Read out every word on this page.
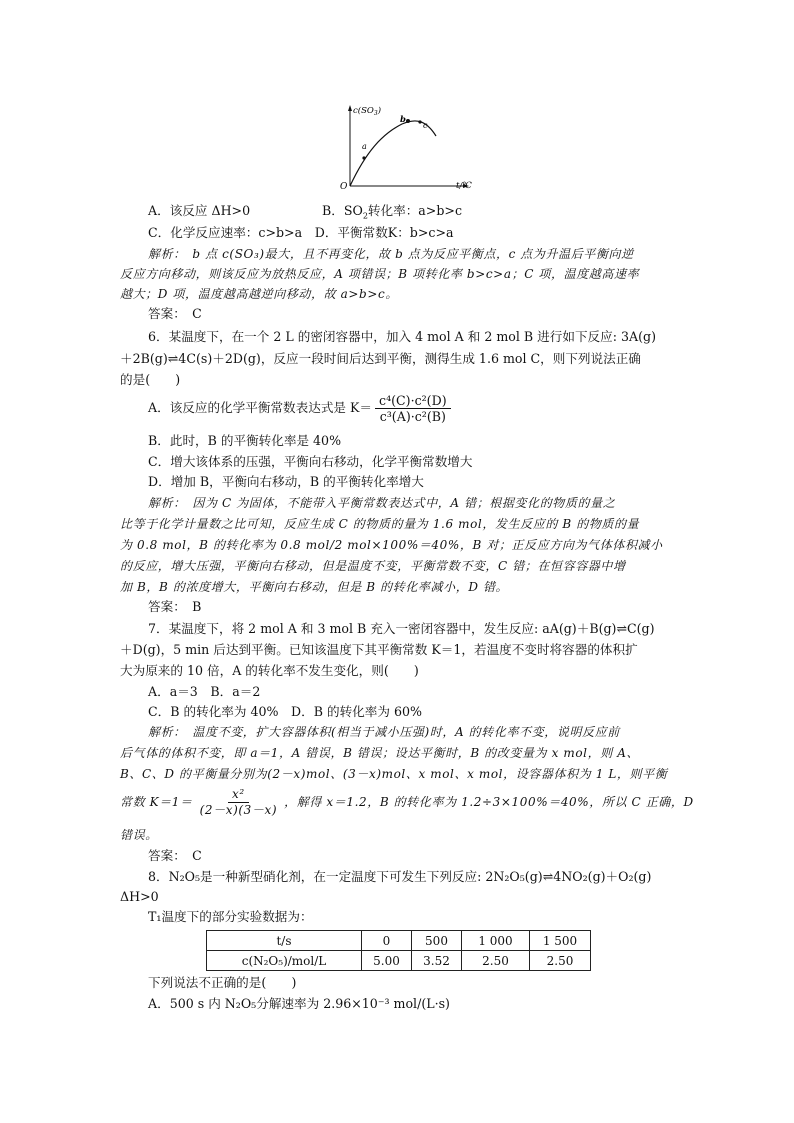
$c(SO_3)$
O	t/℃
a
b
c
A．该反应 ΔH>0	B．$SO_2$转化率：a>b>c
C．化学反应速率：c>b>a　 D．平衡常数K：b>c>a
解析：　b 点 c(SO₃)最大，且不再变化，故 b 点为反应平衡点，c 点为升温后平衡向逆
反应方向移动，则该反应为放热反应，A 项错误；B 项转化率 b>c>a；C 项，温度越高速率
越大；D 项，温度越高越逆向移动，故 a>b>c。
答案：　C
6．某温度下，在一个 2 L 的密闭容器中，加入 4 mol A 和 2 mol B 进行如下反应: 3A(g)
＋2B(g)⇌4C(s)＋2D(g)，反应一段时间后达到平衡，测得生成 1.6 mol C，则下列说法正确
的是(　　)
A．该反应的化学平衡常数表达式是 $K= \frac{\text{c⁴(C)·c²(D)}}{\text{c³(A)·c²(B)}}$
B．此时，B 的平衡转化率是 40%
C．增大该体系的压强，平衡向右移动，化学平衡常数增大
D．增加 B，平衡向右移动，B 的平衡转化率增大
解析：　因为 C 为固体，不能带入平衡常数表达式中，A 错；根据变化的物质的量之
比等于化学计量数之比可知，反应生成 C 的物质的量为 1.6 mol，发生反应的 B 的物质的量
为 0.8 mol，B 的转化率为 0.8 mol/2 mol×100%＝40%，B 对；正反应方向为气体体积减小
的反应，增大压强，平衡向右移动，但是温度不变，平衡常数不变，C 错；在恒容容器中增
加 B，B 的浓度增大，平衡向右移动，但是 B 的转化率减小，D 错。
答案：　B
7．某温度下，将 2 mol A 和 3 mol B 充入一密闭容器中，发生反应: aA(g)＋B(g)⇌C(g)
＋D(g)，5 min 后达到平衡。已知该温度下其平衡常数 K＝1，若温度不变时将容器的体积扩
大为原来的 10 倍，A 的转化率不发生变化，则(　　)
A．a＝3　B．a＝2
C．B 的转化率为 40%　D．B 的转化率为 60%
解析：　温度不变，扩大容器体积(相当于减小压强)时，A 的转化率不变，说明反应前
后气体的体积不变，即 a＝1，A 错误，B 错误；设达平衡时，B 的改变量为 x mol，则 A、
B、C、D 的平衡量分别为(2－x)mol、(3－x)mol、x mol、x mol，设容器体积为 1 L，则平衡
常数 $K=1= \frac{\text{x²}}{(2-x)(3-x)}$ ，解得 x＝1.2，B 的转化率为 1.2÷3×100%＝40%，所以 C 正确，D
错误。
答案：　C
8．N₂O₅是一种新型硝化剂，在一定温度下可发生下列反应: 2N₂O₅(g)⇌4NO₂(g)＋O₂(g)
ΔH>0
T₁温度下的部分实验数据为：
t/s	0	500	1 000	1 500
c(N₂O₅)/mol/L	5.00	3.52	2.50	2.50
下列说法不正确的是(　　)
A．500 s 内 N₂O₅分解速率为 2.96×10⁻³ mol/(L·s)
